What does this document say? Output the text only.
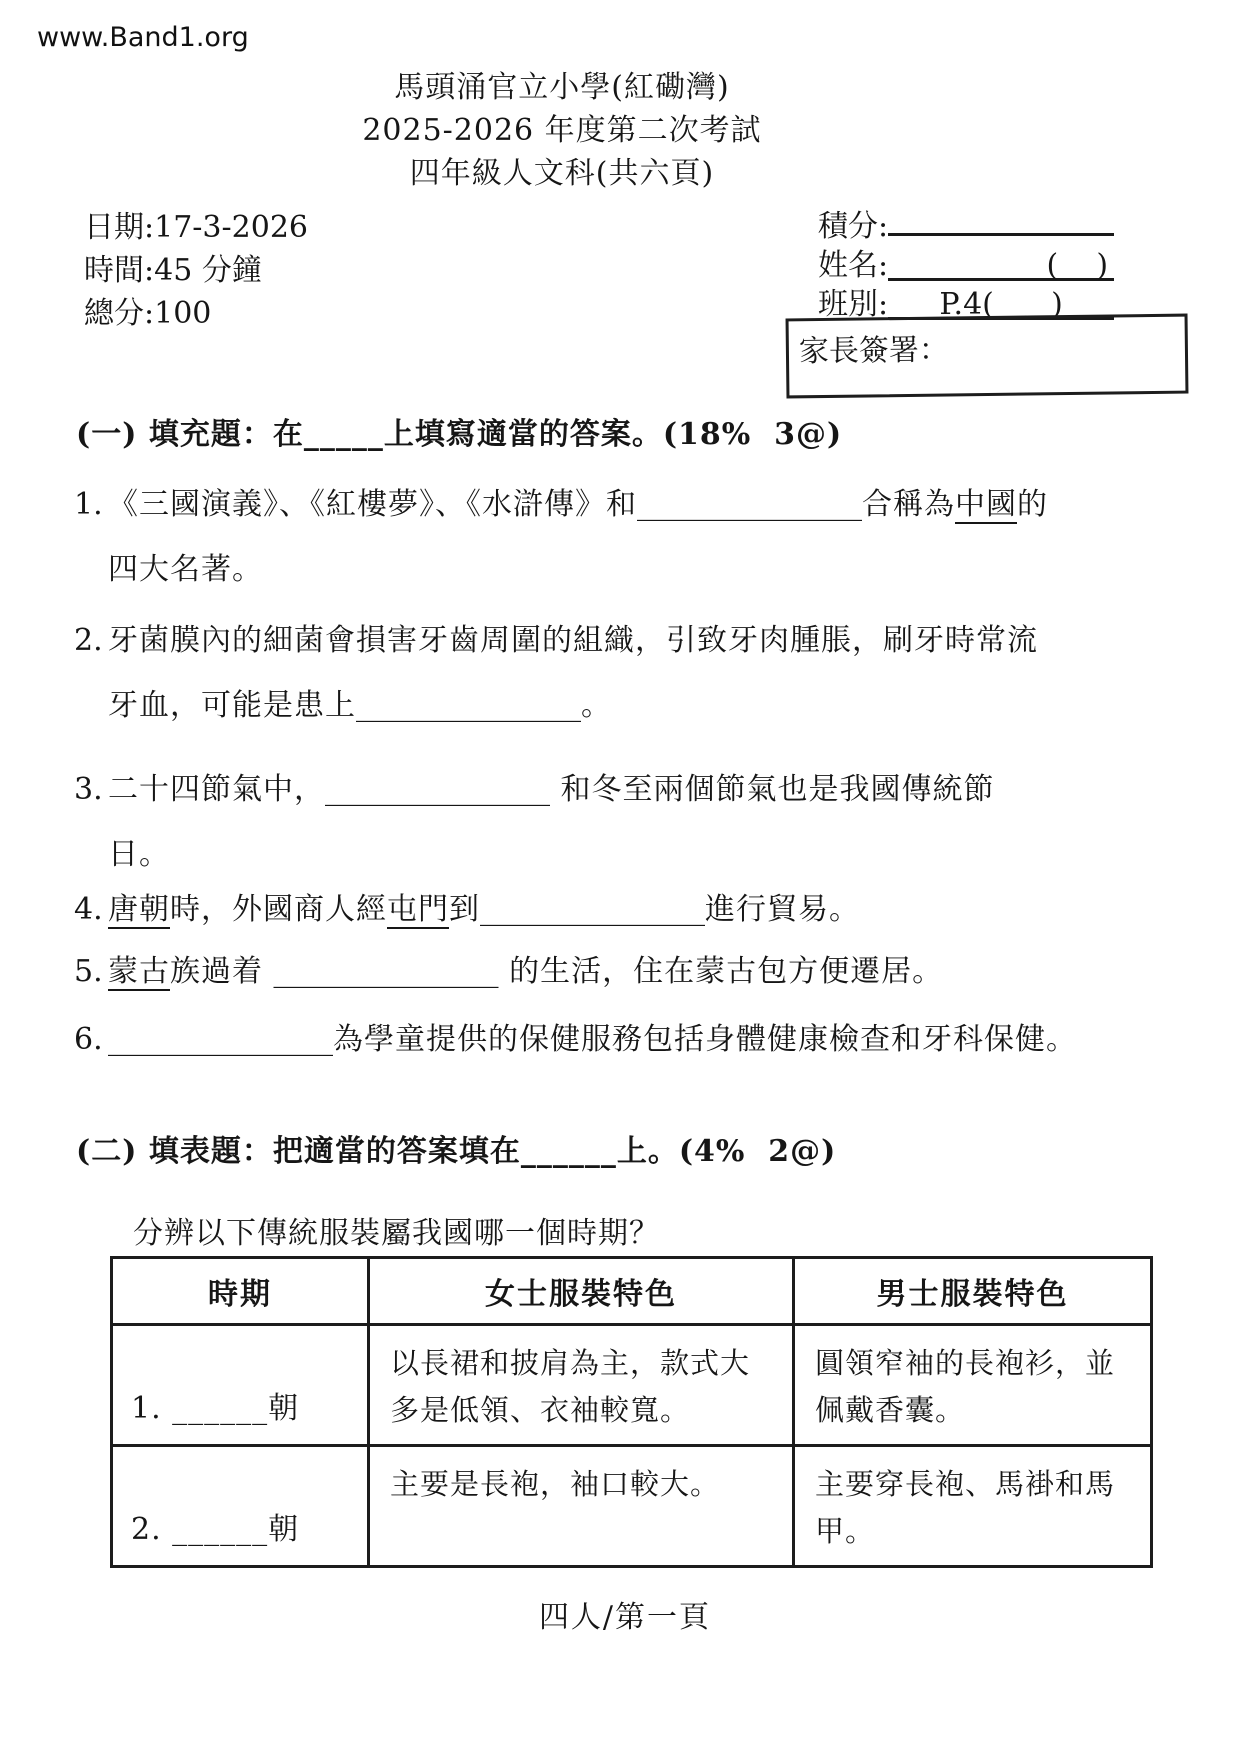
www.Band1.org
馬頭涌官立小學(紅磡灣)
2025-2026 年度第二次考試
四年級人文科(共六頁)
日期:17-3-2026
時間:45 分鐘
總分:100
積分:
姓名:	(    )
班別:	P.4(      )
家長簽署：
(一) 填充題：在_____上填寫適當的答案。(18%  3@)
1. 《三國演義》、《紅樓夢》、《水滸傳》和_______________合稱為中國的
四大名著。
2. 牙菌膜內的細菌會損害牙齒周圍的組織，引致牙肉腫脹，刷牙時常流
牙血，可能是患上_______________。
3. 二十四節氣中，_______________ 和冬至兩個節氣也是我國傳統節
日。
4. 唐朝時，外國商人經屯門到_______________進行貿易。
5. 蒙古族過着 _______________ 的生活，住在蒙古包方便遷居。
6. _______________為學童提供的保健服務包括身體健康檢查和牙科保健。
(二) 填表題：把適當的答案填在______上。(4%  2@)
分辨以下傳統服裝屬我國哪一個時期？
時期	女士服裝特色	男士服裝特色
1. ______朝	以長裙和披肩為主，款式大多是低領、衣袖較寬。	圓領窄袖的長袍衫，並佩戴香囊。
2. ______朝	主要是長袍，袖口較大。	主要穿長袍、馬褂和馬甲。
四人/第一頁
